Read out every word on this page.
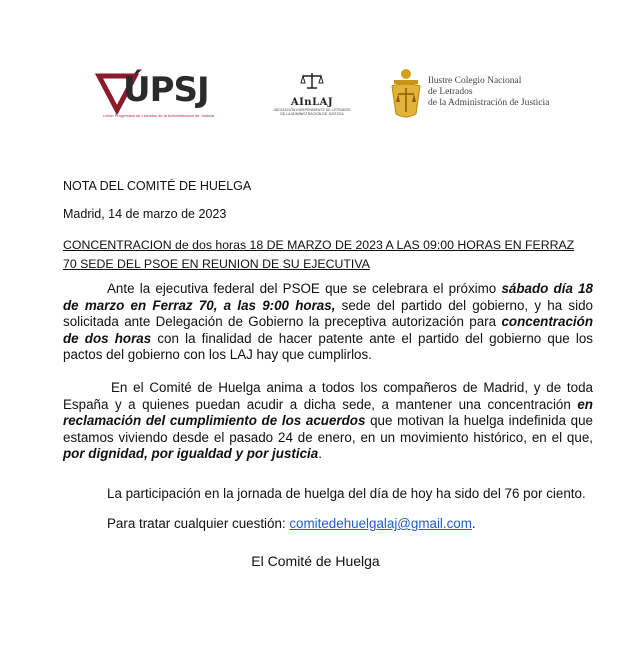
ÚPSJ
Unión Progresista de Letrados de la Administración de Justicia
AInLAJ
ASOCIACIÓN INDEPENDIENTE DE LETRADOS DE LA ADMINISTRACIÓN DE JUSTICIA
Ilustre Colegio Nacional
de Letrados
de la Administración de Justicia
NOTA DEL COMITÉ DE HUELGA
Madrid, 14 de marzo de 2023
CONCENTRACION de dos horas 18 DE MARZO DE 2023 A LAS 09:00 HORAS EN FERRAZ 70 SEDE DEL PSOE EN REUNION DE SU EJECUTIVA

Ante la ejecutiva federal del PSOE que se celebrara el próximo sábado día 18 de marzo en Ferraz 70, a las 9:00 horas, sede del partido del gobierno, y ha sido solicitada ante Delegación de Gobierno la preceptiva autorización para concentración de dos horas con la finalidad de hacer patente ante el partido del gobierno que los pactos del gobierno con los LAJ hay que cumplirlos.

En el Comité de Huelga anima a todos los compañeros de Madrid, y de toda España y a quienes puedan acudir a dicha sede, a mantener una concentración en reclamación del cumplimiento de los acuerdos que motivan la huelga indefinida que estamos viviendo desde el pasado 24 de enero, en un movimiento histórico, en el que, por dignidad, por igualdad y por justicia.

La participación en la jornada de huelga del día de hoy ha sido del 76 por ciento.

Para tratar cualquier cuestión: comitedehuelgalaj@gmail.com.

El Comité de Huelga
